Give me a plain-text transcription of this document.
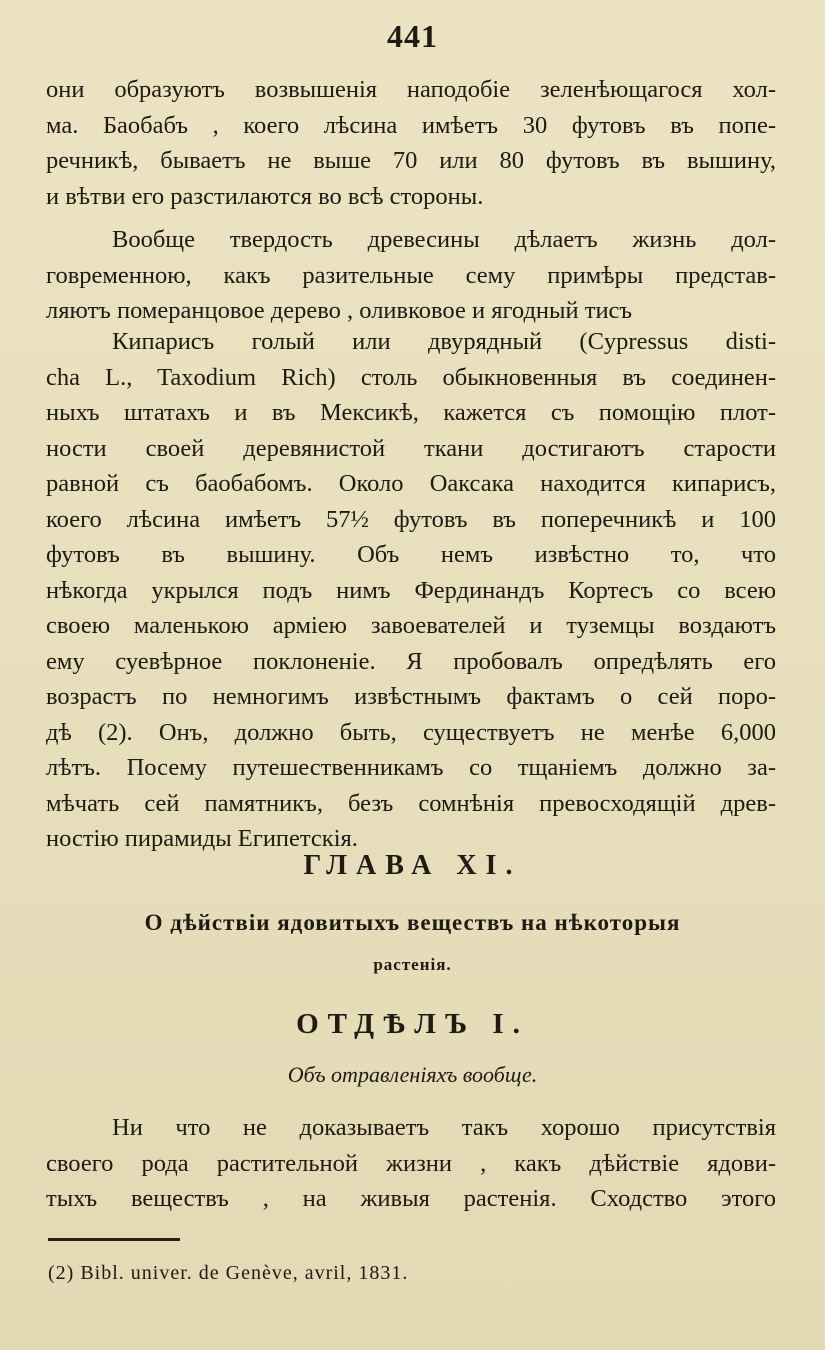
441
они образуютъ возвышенія наподобіе зеленѣющагося хол-
ма. Баобабъ , коего лѣсина имѣетъ 30 футовъ въ попе-
речникѣ, бываетъ не выше 70 или 80 футовъ въ вышину,
и вѣтви его разстилаются во всѣ стороны.
Вообще твердость древесины дѣлаетъ жизнь дол-
говременною, какъ разительные сему примѣры представ-
ляютъ померанцовое дерево , оливковое и ягодный тисъ
Кипарисъ голый или двурядный (Cypressus disti-
cha L., Taxodium Rich) столь обыкновенныя въ соединен-
ныхъ штатахъ и въ Мексикѣ, кажется съ помощію плот-
ности своей деревянистой ткани достигаютъ старости
равной съ баобабомъ. Около Оаксака находится кипарисъ,
коего лѣсина имѣетъ 57½ футовъ въ поперечникѣ и 100
футовъ въ вышину. Объ немъ извѣстно то, что
нѣкогда укрылся подъ нимъ Фердинандъ Кортесъ со всею
своею маленькою арміею завоевателей и туземцы воздаютъ
ему суевѣрное поклоненіе. Я пробовалъ опредѣлять его
возрастъ по немногимъ извѣстнымъ фактамъ о сей поро-
дѣ (2). Онъ, должно быть, существуетъ не менѣе 6,000
лѣтъ. Посему путешественникамъ со тщаніемъ должно за-
мѣчать сей памятникъ, безъ сомнѣнія превосходящій древ-
ностію пирамиды Египетскія.
ГЛАВА XI.
О дѣйствіи ядовитыхъ веществъ на нѣкоторыя
растенія.
ОТДѢЛЪ I.
Объ отравленіяхъ вообще.
Ни что не доказываетъ такъ хорошо присутствія
своего рода растительной жизни , какъ дѣйствіе ядови-
тыхъ веществъ , на живыя растенія. Сходство этого
(2) Bibl. univer. de Genève, avril, 1831.
